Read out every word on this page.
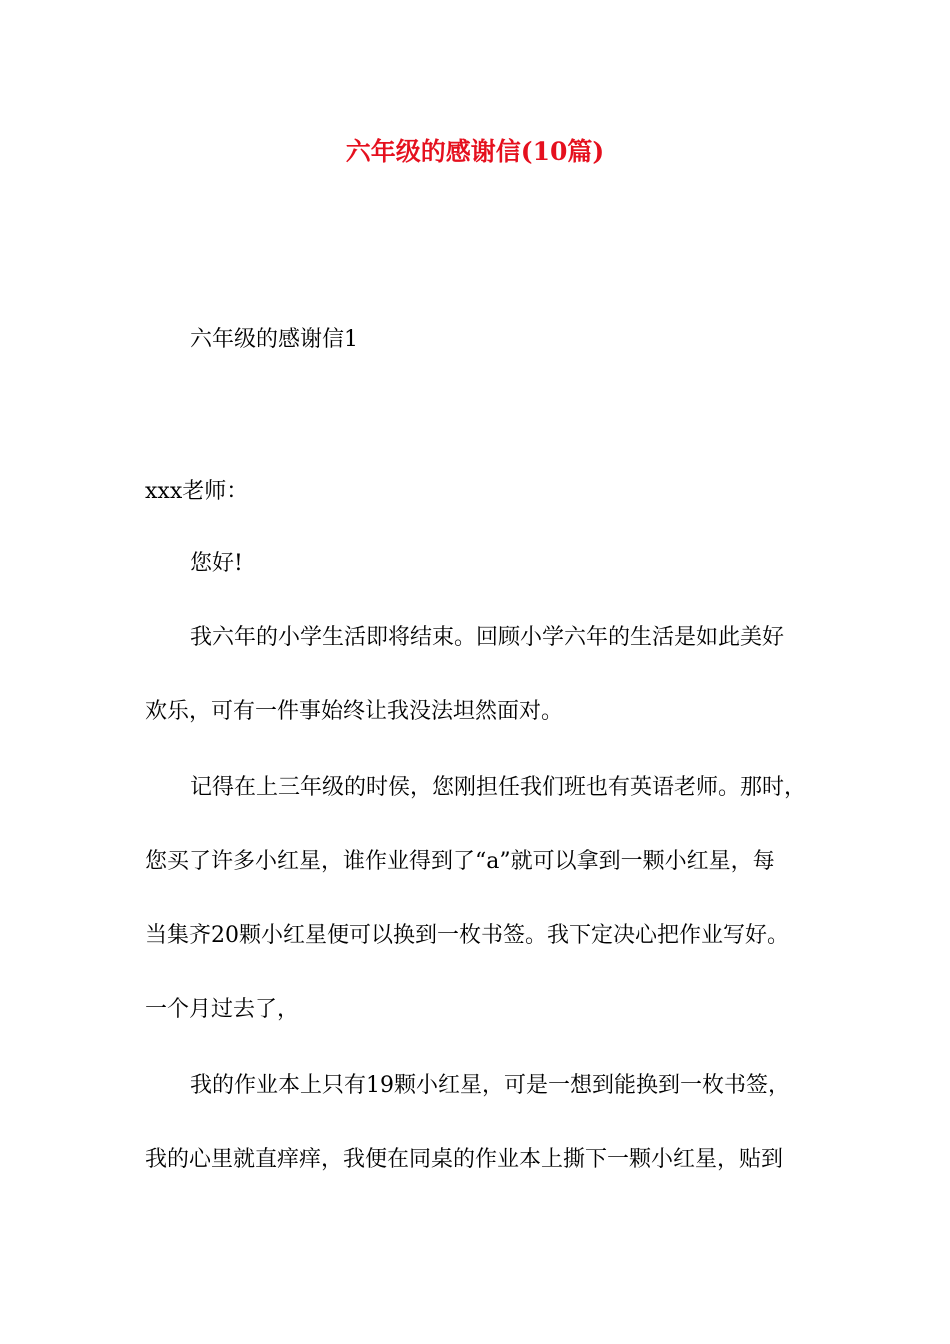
六年级的感谢信(10篇)
六年级的感谢信1
xxx老师：
您好!
我六年的小学生活即将结束。回顾小学六年的生活是如此美好
欢乐，可有一件事始终让我没法坦然面对。
记得在上三年级的时侯，您刚担任我们班也有英语老师。那时，
您买了许多小红星，谁作业得到了“a”就可以拿到一颗小红星，每
当集齐20颗小红星便可以换到一枚书签。我下定决心把作业写好。
一个月过去了，
我的作业本上只有19颗小红星，可是一想到能换到一枚书签，
我的心里就直痒痒，我便在同桌的作业本上撕下一颗小红星，贴到
